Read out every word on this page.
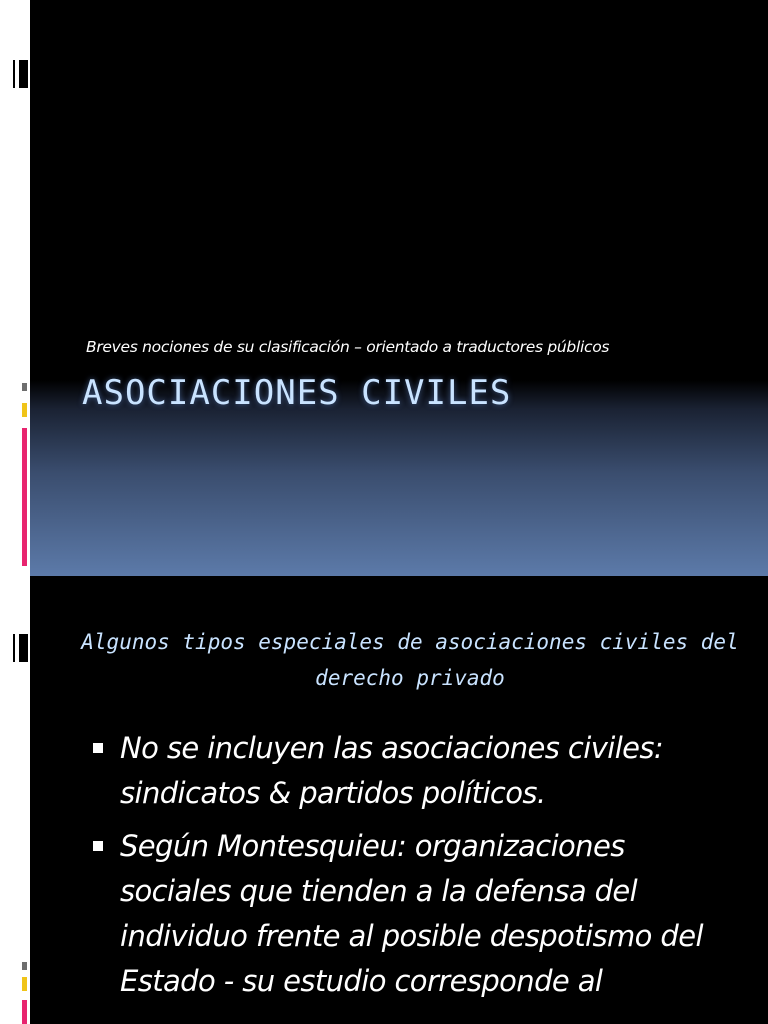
Breves nociones de su clasificación – orientado a traductores públicos
ASOCIACIONES CIVILES
Algunos tipos especiales de asociaciones civiles del derecho privado
No se incluyen las asociaciones civiles: sindicatos & partidos políticos.
Según Montesquieu: organizaciones sociales que tienden a la defensa del individuo frente al posible despotismo del Estado - su estudio corresponde al
